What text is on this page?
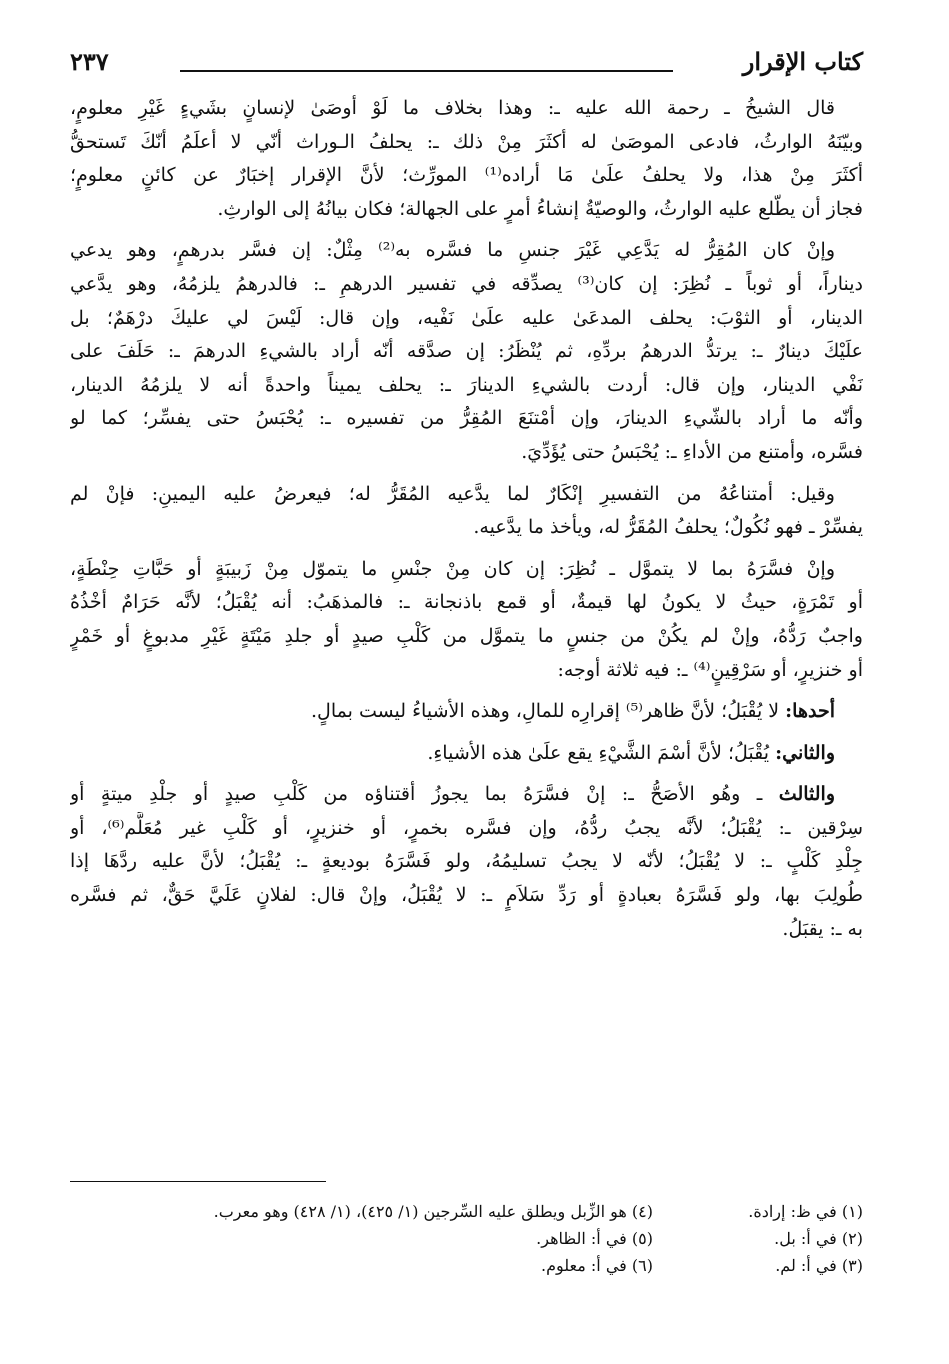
كتاب الإقرار
٢٣٧

قال الشيخُ ـ رحمة الله عليه ـ: وهذا بخلاف ما لَوْ أوصَىٰ لإنسانٍ بشَيءٍ غَيْرِ معلومٍ،
وبيّنَهُ الوارثُ، فادعى الموصَىٰ له أكثَرَ مِنْ ذلك ـ: يحلفُ الـوراث أنّي لا أعلَمُ أنّكَ تَستحقُّ
أكثَرَ مِنْ هذا، ولا يحلفُ علَىٰ مَا أراده⁽¹⁾ المورِّث؛ لأنَّ الإقرار إخبَارٌ عن كائنٍ معلومٍ؛
فجاز أن يطّلع عليه الوارثُ، والوصيّةُ إنشاءُ أمرٍ على الجهالة؛ فكان بيانُهُ إلى الوارثِ.

وإنْ كان المُقِرُّ له يَدَّعِي غَيْرَ جنسِ ما فسَّره به⁽²⁾ مِثْلٌ: إن فسَّر بدرهمٍ، وهو يدعي
ديناراً، أو ثوباً ـ نُظِرَ: إن كان⁽³⁾ يصدِّقه في تفسير الدرهمِ ـ: فالدرهمُ يلزمُهُ، وهو يدَّعي
الدينار، أو الثوْبَ: يحلف المدعَىٰ عليه علَىٰ نَفْيه، وإن قال: لَيْسَ لي عليكَ درْهَمٌ؛ بل
علَيْكَ دينارٌ ـ: يرتدُّ الدرهمُ بردِّهِ، ثم يُنْظَرُ: إن صدَّقه أنّه أراد بالشيءِ الدرهمَ ـ: حَلَفَ على
نَفْي الدينار، وإن قال: أردت بالشيءِ الدينارَ ـ: يحلف يميناً واحدةً أنه لا يلزمُهُ الدينار،
وأنّه ما أراد بالشّيءِ الدينارَ، وإن أمْتنَعَ المُقِرُّ من تفسيره ـ: يُحْبَسُ حتى يفسِّر؛ كما لو
فسَّره، وأمتنع من الأداءِ ـ: يُحْبَسُ حتى يُؤَدِّيَ.

وقيل: أمتناعُهُ من التفسيرِ إنْكَارٌ لما يدَّعيه المُقَرُّ له؛ فيعرضُ عليه اليمينِ: فإنْ لم
يفسِّرْ ـ فهو نُكُولٌ؛ يحلفُ المُقَرُّ له، ويأخذ ما يدَّعيه.

وإنْ فسَّرَهُ بما لا يتموَّل ـ نُظِرَ: إن كان مِنْ جنْسِ ما يتموّل مِنْ زَبيبَةٍ أو حَبَّاتِ حِنْطَةٍ،
أو تَمْرَةٍ، حيثُ لا يكونُ لها قيمةٌ، أو قمع باذنجانة ـ: فالمذهَبُ: أنه يُقْبَلُ؛ لأنَّه حَرَامٌ أخْذُهُ
واجبٌ رَدُّهُ، وإنْ لم يكُنْ من جنسٍ ما يتموَّل من كَلْبِ صيدٍ أو جلدِ مَيْتَةٍ غَيْرِ مدبوغٍ أو خَمْرٍ
أو خنزيرٍ، أو سَرْقِينٍ⁽⁴⁾ ـ: فيه ثلاثة أوجه:

أحدها: لا يُقْبَلُ؛ لأنَّ ظاهر⁽⁵⁾ إقرارِه للمالِ، وهذه الأشياءُ ليست بمالٍ.

والثاني: يُقْبَلُ؛ لأنَّ أسْمَ الشَّيْءِ يقع علَىٰ هذه الأشياءِ.

والثالث ـ وهُو الأصَحُّ ـ: إنْ فسَّرَهُ بما يجوزُ أقتناؤه من كَلْبِ صيدٍ أو جلْدِ ميتةٍ أو
سِرْقين ـ: يُقْبَلُ؛ لأنَّه يجبُ ردُّهُ، وإن فسَّره بخمرٍ، أو خنزيرٍ، أو كَلْبِ غير مُعَلَّم⁽⁶⁾، أو
جِلْدِ كَلْبٍ ـ: لا يُقْبَلُ؛ لأنّه لا يجبُ تسليمُهُ، ولو فَسَّرَهُ بوديعةٍ ـ: يُقْبَلُ؛ لأنَّ عليه ردَّهَا إذا
طُولِبَ بها، ولو فَسَّرَهُ بعبادةٍ أو رَدِّ سَلاَمٍ ـ: لا يُقْبَلُ، وإنْ قال: لفلانٍ عَلَيَّ حَقٌّ، ثم فسَّره
به ـ: يقبَلُ.

(١) في ظ: إرادة.
(٢) في أ: بل.
(٣) في أ: لم.
(٤) هو الزِّبل ويطلق عليه السِّرجين (١/ ٤٢٥)، (١/ ٤٢٨) وهو معرب.
(٥) في أ: الظاهر.
(٦) في أ: معلوم.
